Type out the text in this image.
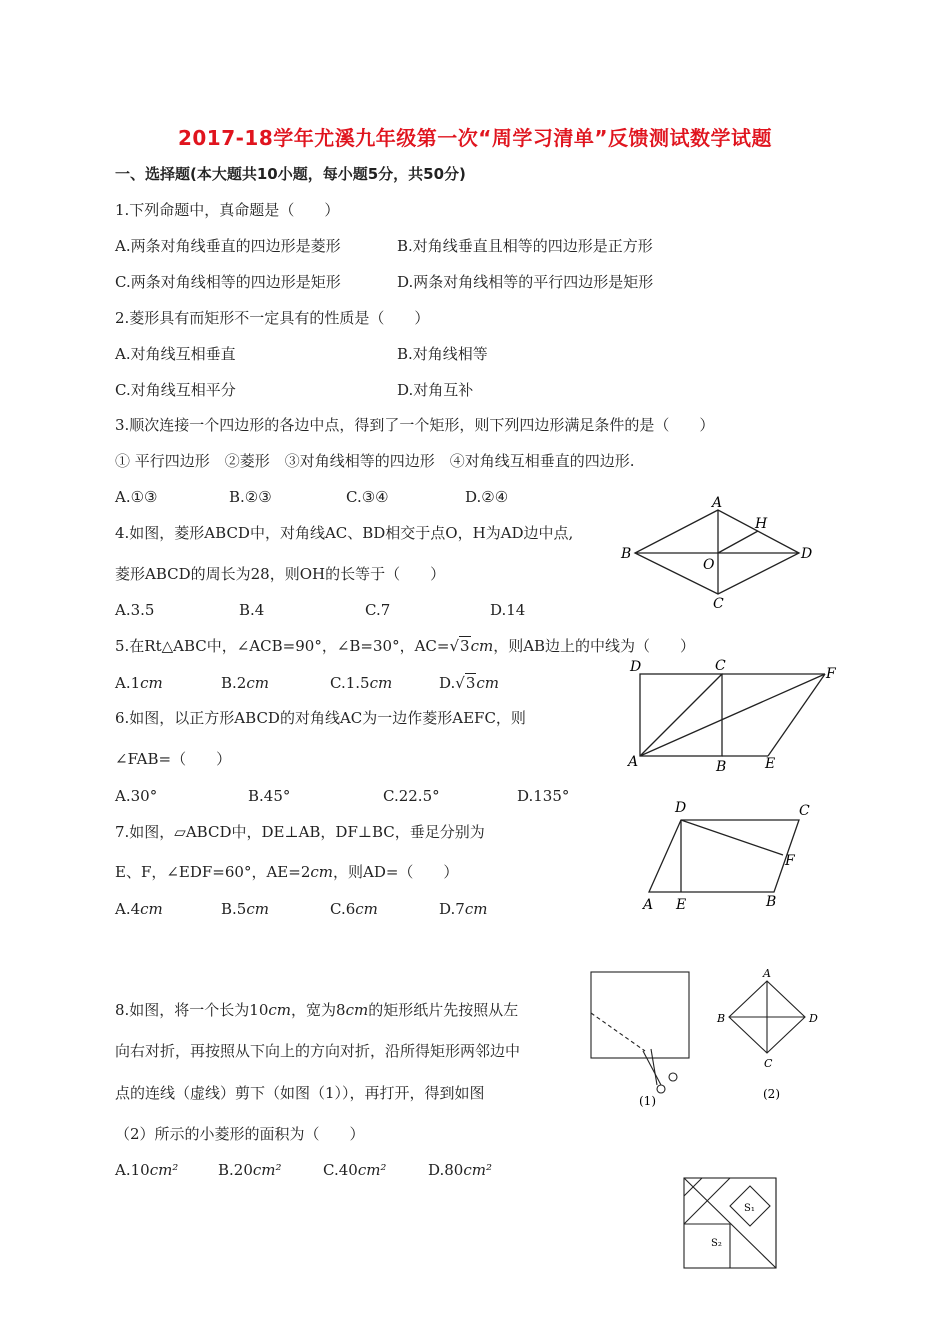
2017-18学年尤溪九年级第一次“周学习清单”反馈测试数学试题
一、选择题(本大题共10小题，每小题5分，共50分)
1.下列命题中，真命题是（　　）
A.两条对角线垂直的四边形是菱形	B.对角线垂直且相等的四边形是正方形
C.两条对角线相等的四边形是矩形	D.两条对角线相等的平行四边形是矩形
2.菱形具有而矩形不一定具有的性质是（　　）
A.对角线互相垂直	B.对角线相等
C.对角线互相平分	D.对角互补
3.顺次连接一个四边形的各边中点，得到了一个矩形，则下列四边形满足条件的是（　　）
① 平行四边形　②菱形　③对角线相等的四边形　④对角线互相垂直的四边形.
A.①③	B.②③	C.③④	D.②④
4.如图，菱形ABCD中，对角线AC、BD相交于点O，H为AD边中点,
菱形ABCD的周长为28，则OH的长等于（　　）
A.3.5	B.4	C.7	D.14
A
B
C
D
O
H
5.在Rt△ABC中，∠ACB=90°，∠B=30°，AC=√3cm，则AB边上的中线为（　　）
A.1cm	B.2cm	C.1.5cm	D.√3cm
6.如图，以正方形ABCD的对角线AC为一边作菱形AEFC，则
∠FAB=（　　）
A.30°	B.45°	C.22.5°	D.135°
D	C	F
A	B	E
7.如图，▱ABCD中，DE⊥AB，DF⊥BC，垂足分别为
E、F，∠EDF=60°，AE=2cm，则AD=（　　）
A.4cm	B.5cm	C.6cm	D.7cm
D	C
F
A E	B
8.如图，将一个长为10cm，宽为8cm的矩形纸片先按照从左
向右对折，再按照从下向上的方向对折，沿所得矩形两邻边中
点的连线（虚线）剪下（如图（1）），再打开，得到如图
（2）所示的小菱形的面积为（　　）
A.10cm²	B.20cm²	C.40cm²	D.80cm²
(1)	(2)
A
B
C
D
S₁
S₂
